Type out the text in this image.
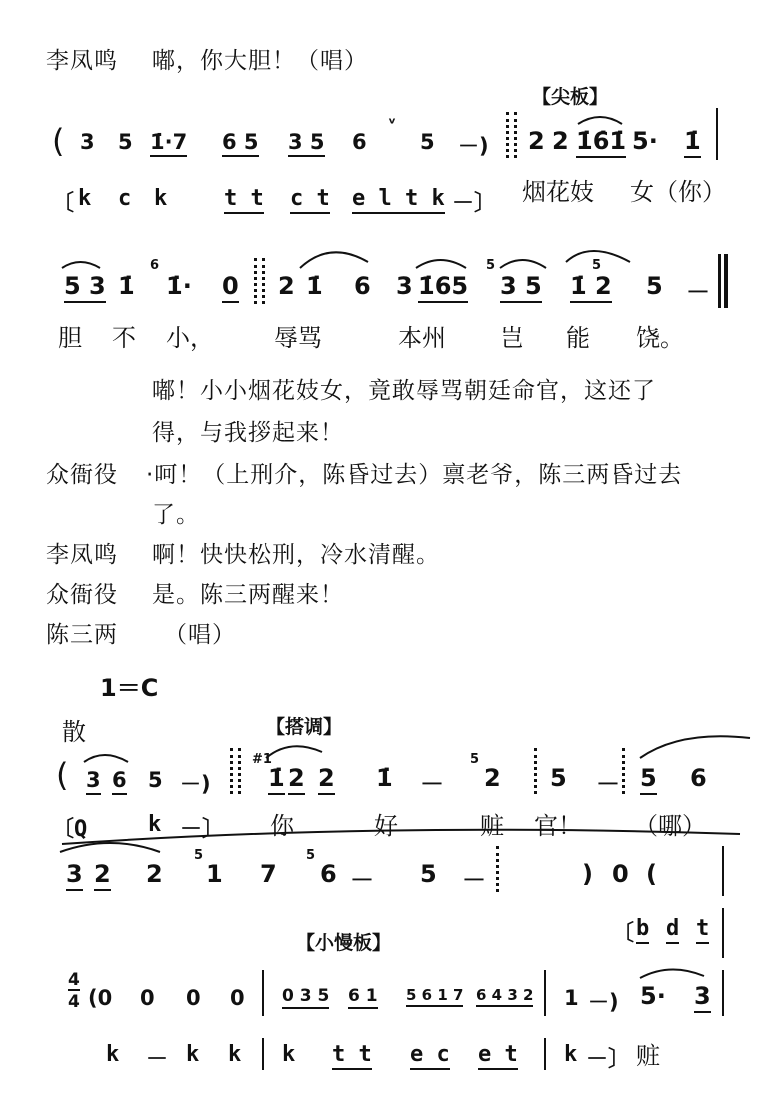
李凤鸣 嘟，你大胆！（唱）
【尖板】
( 3 5 1̇·7 6 5 3 5 6
ᵛ
5 －) 2 2 1̇6̇1̇ 5· 1̇
〔 k c k	t t c t e l t k －〕 烟花妓 女（你）
5 3 1̇
6
1̇· 0 2 1̇ 6 3 1̇65
5
3 5
5
1̇ 2 5 －
胆 不 小，	辱骂	本州 岂 能 饶。
嘟！小小烟花妓女，竟敢辱骂朝廷命官，这还了
得，与我拶起来！
众衙役 ·呵！（上刑介，陈昏过去）禀老爷，陈三两昏过去
了。
李凤鸣 啊！快快松刑，冷水清醒。
众衙役 是。陈三两醒来！
陈三两 （唱）
1＝C
散	【搭调】
( 3 6 5 －)
#1
1̇ 2 2 1̇ －
5
2 5 － 5 6
〔Q	k －〕 你	好	赃 官！ （哪）
3 2 2
5
1 7
5
6 － 5 －	) 0 (
【小慢板】	〔 b d t
4
4 (0 0 0 0 0 3 5 6 1 5 6 1 7 6 4 3 2 1 －) 5· 3
k － k k k t t e c e t k －〕 赃
